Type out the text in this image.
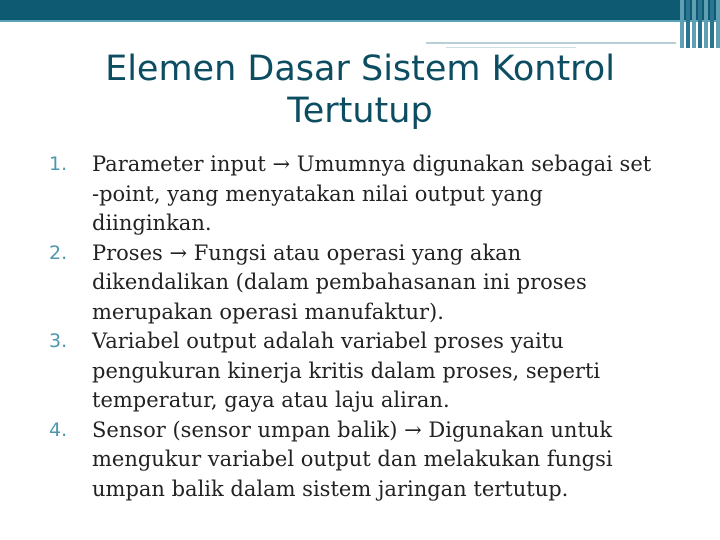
Elemen Dasar Sistem Kontrol
Tertutup
1. Parameter input → Umumnya digunakan sebagai set
-point, yang menyatakan nilai output yang
diinginkan.
2. Proses → Fungsi atau operasi yang akan
dikendalikan (dalam pembahasanan ini proses
merupakan operasi manufaktur).
3. Variabel output adalah variabel proses yaitu
pengukuran kinerja kritis dalam proses, seperti
temperatur, gaya atau laju aliran.
4. Sensor (sensor umpan balik) → Digunakan untuk
mengukur variabel output dan melakukan fungsi
umpan balik dalam sistem jaringan tertutup.
